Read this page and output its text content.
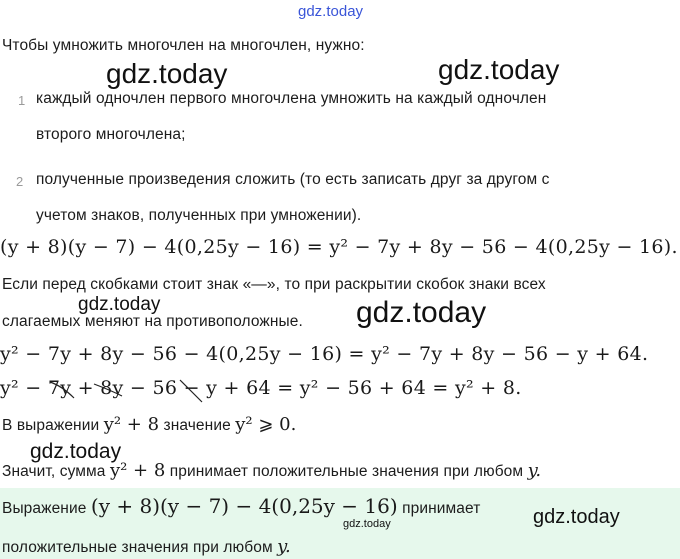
gdz.today
Чтобы умножить многочлен на многочлен, нужно:
gdz.today	gdz.today
1 каждый одночлен первого многочлена умножить на каждый одночлен
второго многочлена;
2 полученные произведения сложить (то есть записать друг за другом с
учетом знаков, полученных при умножении).
(y + 8)(y − 7) − 4(0,25y − 16) = y² − 7y + 8y − 56 − 4(0,25y − 16).
Если перед скобками стоит знак «—», то при раскрытии скобок знаки всех
gdz.today
слагаемых меняют на противоположные. gdz.today
y² − 7y + 8y − 56 − 4(0,25y − 16) = y² − 7y + 8y − 56 − y + 64.
y² − 7y + 8y − 56 − y + 64 = y² − 56 + 64 = y² + 8.
В выражении y² + 8 значение y² ⩾ 0.
gdz.today
Значит, сумма y² + 8 принимает положительные значения при любом y.
Выражение (y + 8)(y − 7) − 4(0,25y − 16) принимает	gdz.today
gdz.today
положительные значения при любом y.
